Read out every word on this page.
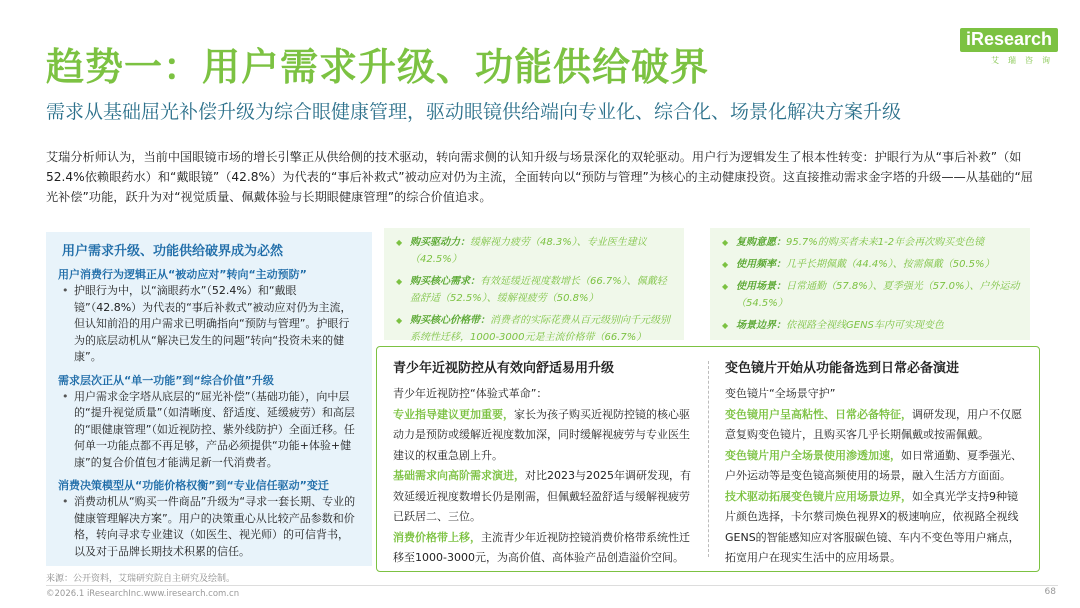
iResearch
艾瑞咨询
趋势一：用户需求升级、功能供给破界
需求从基础屈光补偿升级为综合眼健康管理，驱动眼镜供给端向专业化、综合化、场景化解决方案升级
艾瑞分析师认为，当前中国眼镜市场的增长引擎正从供给侧的技术驱动，转向需求侧的认知升级与场景深化的双轮驱动。用户行为逻辑发生了根本性转变：护眼行为从“事后补救”（如52.4%依赖眼药水）和“戴眼镜”（42.8%）为代表的“事后补救式”被动应对仍为主流，全面转向以“预防与管理”为核心的主动健康投资。这直接推动需求金字塔的升级——从基础的“屈光补偿”功能，跃升为对“视觉质量、佩戴体验与长期眼健康管理”的综合价值追求。
用户需求升级、功能供给破界成为必然
用户消费行为逻辑正从“被动应对”转向“主动预防”
• 护眼行为中，以“滴眼药水”（52.4%）和“戴眼镜”（42.8%）为代表的“事后补救式”被动应对仍为主流，但认知前沿的用户需求已明确指向“预防与管理”。护眼行为的底层动机从“解决已发生的问题”转向“投资未来的健康”。
需求层次正从“单一功能”到“综合价值”升级
• 用户需求金字塔从底层的“屈光补偿”（基础功能），向中层的“提升视觉质量”（如清晰度、舒适度、延缓疲劳）和高层的“眼健康管理”（如近视防控、紫外线防护）全面迁移。任何单一功能点都不再足够，产品必须提供“功能+体验+健康”的复合价值包才能满足新一代消费者。
消费决策模型从“功能价格权衡”到“专业信任驱动”变迁
• 消费动机从“购买一件商品”升级为“寻求一套长期、专业的健康管理解决方案”。用户的决策重心从比较产品参数和价格，转向寻求专业建议（如医生、视光师）的可信背书，以及对于品牌长期技术积累的信任。
◆ 购买驱动力：缓解视力疲劳（48.3%）、专业医生建议（42.5%）
◆ 购买核心需求：有效延缓近视度数增长（66.7%）、佩戴轻盈舒适（52.5%）、缓解视疲劳（50.8%）
◆ 购买核心价格带：消费者的实际花费从百元级别向千元级别系统性迁移，1000-3000元是主流价格带（66.7%）
◆ 复购意愿：95.7%的购买者未来1-2年会再次购买变色镜
◆ 使用频率：几乎长期佩戴（44.4%）、按需佩戴（50.5%）
◆ 使用场景：日常通勤（57.8%）、夏季强光（57.0%）、户外运动（54.5%）
◆ 场景边界：依视路全视线GENS车内可实现变色
青少年近视防控从有效向舒适易用升级
青少年近视防控“体验式革命”：
专业指导建议更加重要，家长为孩子购买近视防控镜的核心驱动力是预防或缓解近视度数加深，同时缓解视疲劳与专业医生建议的权重急剧上升。
基础需求向高阶需求演进，对比2023与2025年调研发现，有效延缓近视度数增长仍是刚需，但佩戴轻盈舒适与缓解视疲劳已跃居二、三位。
消费价格带上移，主流青少年近视防控镜消费价格带系统性迁移至1000-3000元，为高价值、高体验产品创造溢价空间。
变色镜片开始从功能备选到日常必备演进
变色镜片“全场景守护”
变色镜用户呈高粘性、日常必备特征，调研发现，用户不仅愿意复购变色镜片，且购买客几乎长期佩戴或按需佩戴。
变色镜片用户全场景使用渗透加速，如日常通勤、夏季强光、户外运动等是变色镜高频使用的场景，融入生活方方面面。
技术驱动拓展变色镜片应用场景边界，如全真光学支持9种镜片颜色选择，卡尔蔡司焕色视界X的极速响应，依视路全视线GENS的智能感知应对客服碳色镜、车内不变色等用户痛点，拓宽用户在现实生活中的应用场景。
来源：公开资料，艾瑞研究院自主研究及绘制。
©2026.1 iResearchInc.www.iresearch.com.cn	68
